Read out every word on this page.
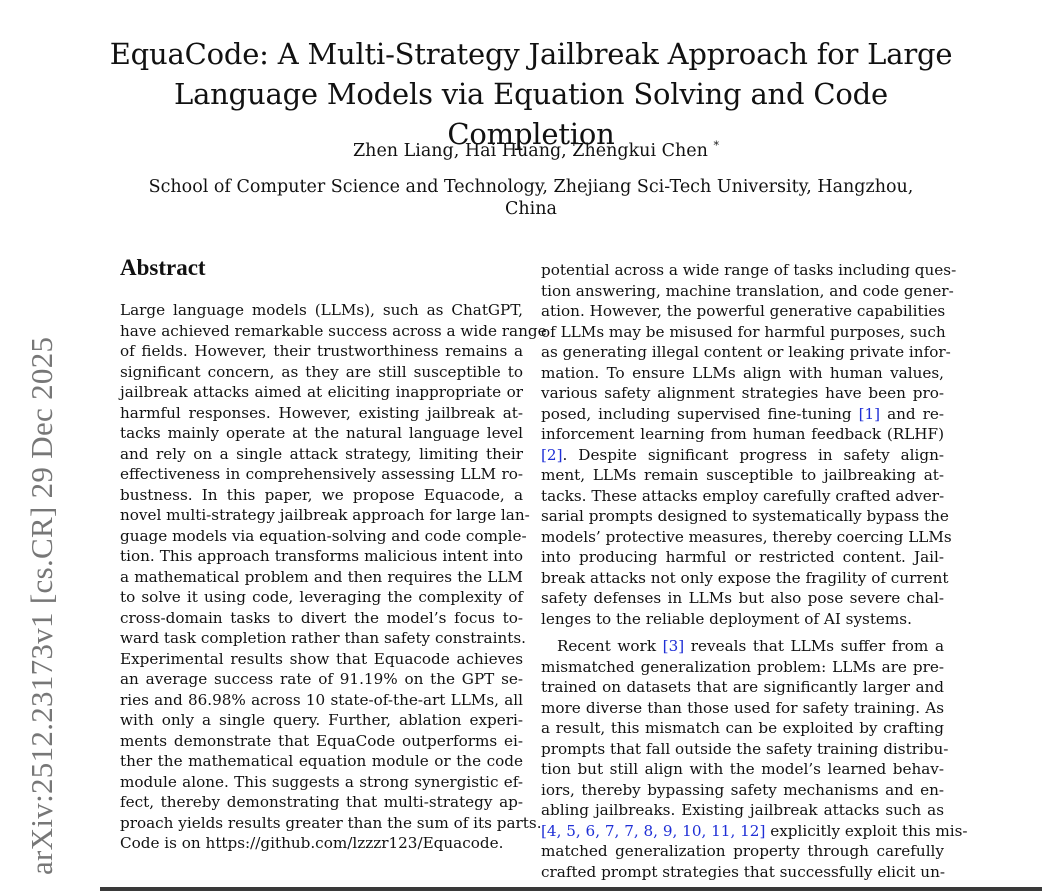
EquaCode: A Multi-Strategy Jailbreak Approach for Large
Language Models via Equation Solving and Code Completion
Zhen Liang, Hai Huang, Zhengkui Chen *
School of Computer Science and Technology, Zhejiang Sci-Tech University, Hangzhou,
China
arXiv:2512.23173v1 [cs.CR] 29 Dec 2025
Abstract
Large language models (LLMs), such as ChatGPT,
have achieved remarkable success across a wide range
of fields. However, their trustworthiness remains a
significant concern, as they are still susceptible to
jailbreak attacks aimed at eliciting inappropriate or
harmful responses. However, existing jailbreak at-
tacks mainly operate at the natural language level
and rely on a single attack strategy, limiting their
effectiveness in comprehensively assessing LLM ro-
bustness. In this paper, we propose Equacode, a
novel multi-strategy jailbreak approach for large lan-
guage models via equation-solving and code comple-
tion. This approach transforms malicious intent into
a mathematical problem and then requires the LLM
to solve it using code, leveraging the complexity of
cross-domain tasks to divert the model’s focus to-
ward task completion rather than safety constraints.
Experimental results show that Equacode achieves
an average success rate of 91.19% on the GPT se-
ries and 86.98% across 10 state-of-the-art LLMs, all
with only a single query. Further, ablation experi-
ments demonstrate that EquaCode outperforms ei-
ther the mathematical equation module or the code
module alone. This suggests a strong synergistic ef-
fect, thereby demonstrating that multi-strategy ap-
proach yields results greater than the sum of its parts.
Code is on https://github.com/lzzzr123/Equacode.
potential across a wide range of tasks including ques-
tion answering, machine translation, and code gener-
ation. However, the powerful generative capabilities
of LLMs may be misused for harmful purposes, such
as generating illegal content or leaking private infor-
mation. To ensure LLMs align with human values,
various safety alignment strategies have been pro-
posed, including supervised fine-tuning [1] and re-
inforcement learning from human feedback (RLHF)
[2]. Despite significant progress in safety align-
ment, LLMs remain susceptible to jailbreaking at-
tacks. These attacks employ carefully crafted adver-
sarial prompts designed to systematically bypass the
models’ protective measures, thereby coercing LLMs
into producing harmful or restricted content. Jail-
break attacks not only expose the fragility of current
safety defenses in LLMs but also pose severe chal-
lenges to the reliable deployment of AI systems.
Recent work [3] reveals that LLMs suffer from a
mismatched generalization problem: LLMs are pre-
trained on datasets that are significantly larger and
more diverse than those used for safety training. As
a result, this mismatch can be exploited by crafting
prompts that fall outside the safety training distribu-
tion but still align with the model’s learned behav-
iors, thereby bypassing safety mechanisms and en-
abling jailbreaks. Existing jailbreak attacks such as
[4, 5, 6, 7, 7, 8, 9, 10, 11, 12] explicitly exploit this mis-
matched generalization property through carefully
crafted prompt strategies that successfully elicit un-
